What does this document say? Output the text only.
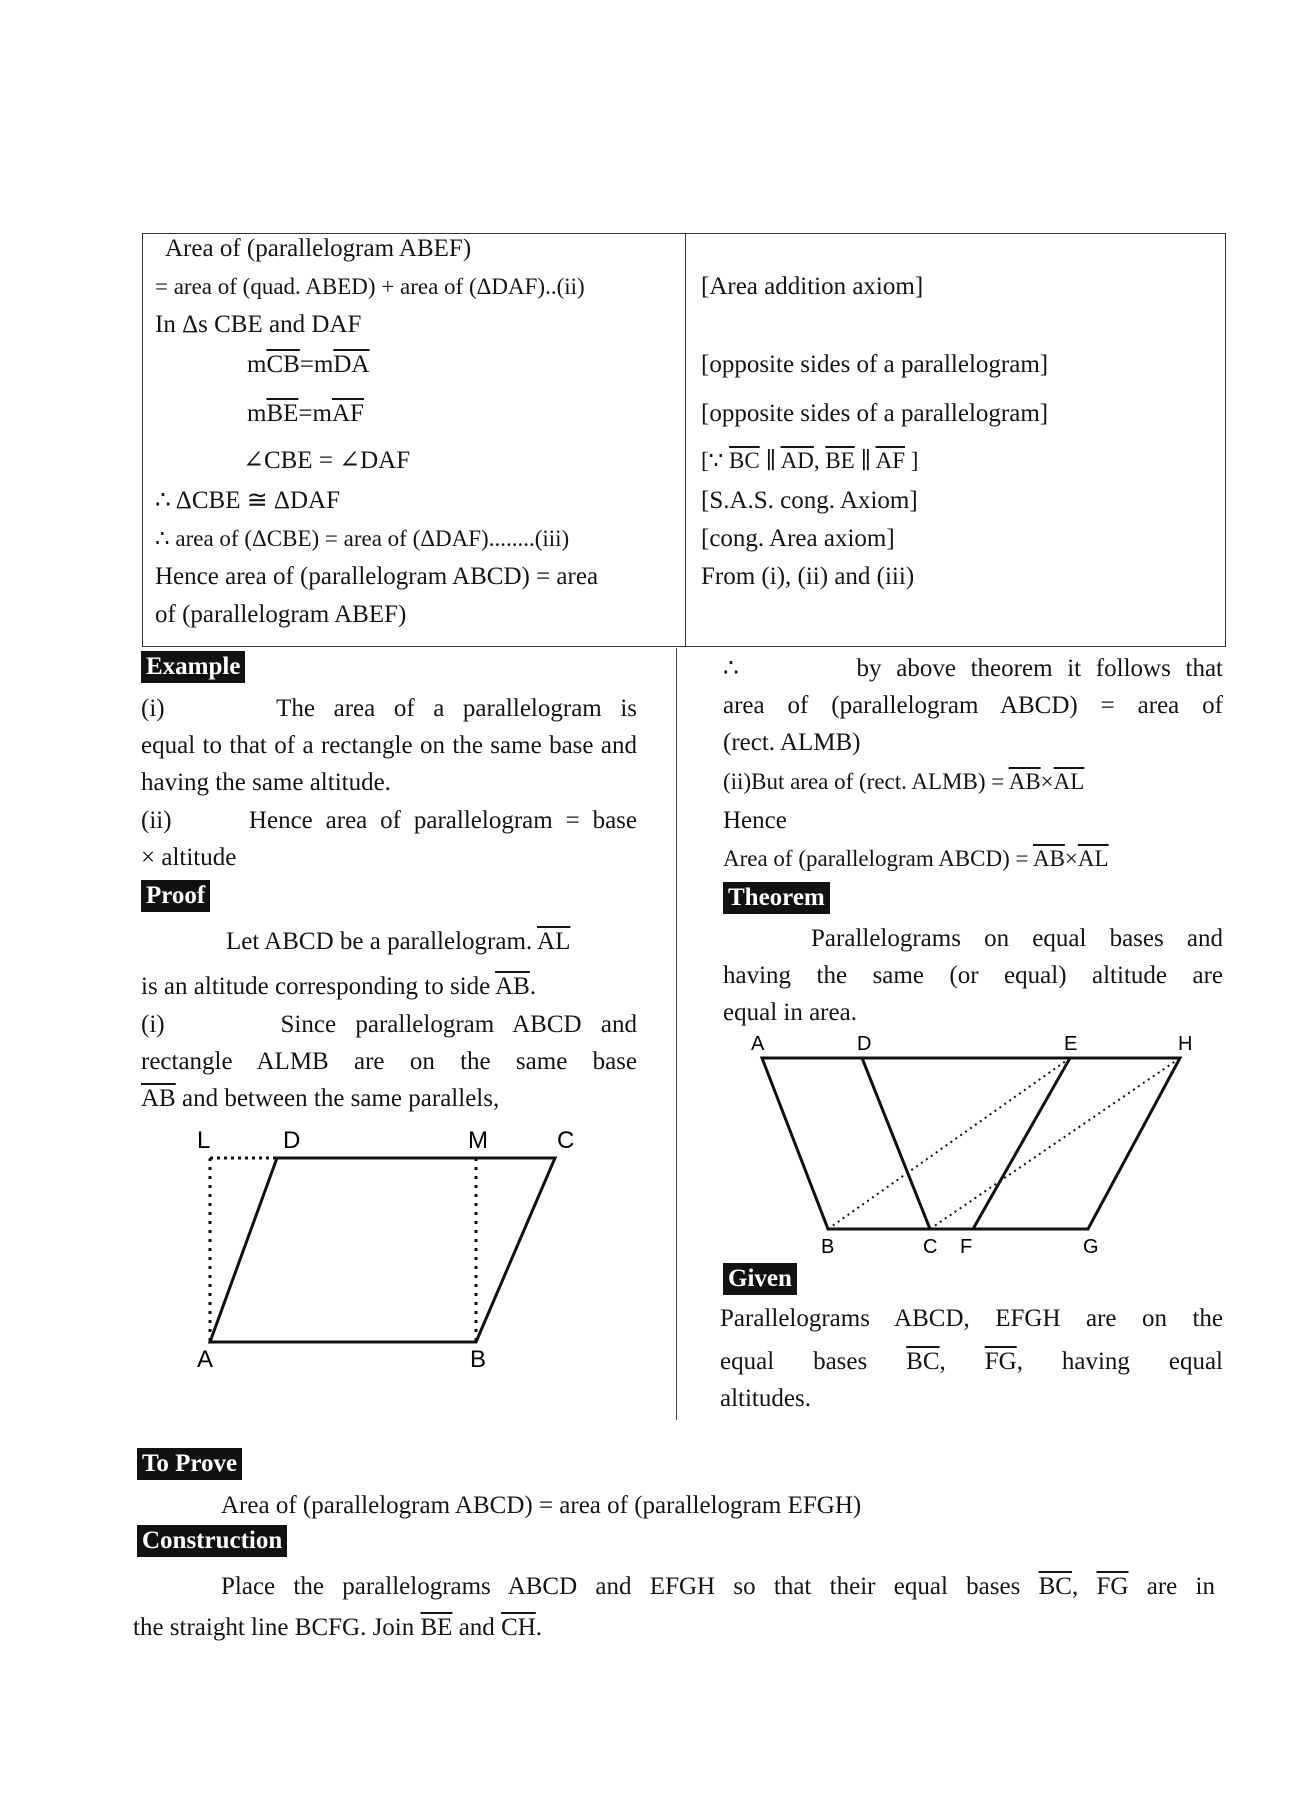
Area of (parallelogram ABEF)
= area of (quad. ABED) + area of (ΔDAF)..(ii)	[Area addition axiom]
In Δs CBE and DAF
$m\overline{CB}=m\overline{DA}$	[opposite sides of a parallelogram]
$m\overline{BE}=m\overline{AF}$	[opposite sides of a parallelogram]
∠CBE = ∠DAF	[∵ $\overline{BC}$ ∥ $\overline{AD}$, $\overline{BE}$ ∥ $\overline{AF}$ ]
∴ ΔCBE ≅ ΔDAF	[S.A.S. cong. Axiom]
∴ area of (ΔCBE) = area of (ΔDAF)........(iii)	[cong. Area axiom]
Hence area of (parallelogram ABCD) = area	From (i), (ii) and (iii)
of (parallelogram ABEF)
Example
(i)	The area of a parallelogram is
equal to that of a rectangle on the same base and having the same altitude.
(ii)	Hence area of parallelogram = base
× altitude
Proof
Let ABCD be a parallelogram. $\overline{AL}$
is an altitude corresponding to side $\overline{AB}$.
(i)	Since parallelogram ABCD and
rectangle ALMB are on the same base
$\overline{AB}$ and between the same parallels,
L	D	M	C
A	B
∴	by above theorem it follows that
area of (parallelogram ABCD) = area of
(rect. ALMB)
(ii)But area of (rect. ALMB) = $\overline{AB}\times\overline{AL}$
Hence
Area of (parallelogram ABCD) = $\overline{AB}\times\overline{AL}$
Theorem
Parallelograms on equal bases and
having the same (or equal) altitude are
equal in area.
A	D	E	H
B	C F	G
Given
Parallelograms ABCD, EFGH are on the
equal bases $\overline{BC}$, $\overline{FG}$, having equal
altitudes.
To Prove
Area of (parallelogram ABCD) = area of (parallelogram EFGH)
Construction
Place the parallelograms ABCD and EFGH so that their equal bases $\overline{BC}$, $\overline{FG}$ are in
the straight line BCFG. Join $\overline{BE}$ and $\overline{CH}$.
